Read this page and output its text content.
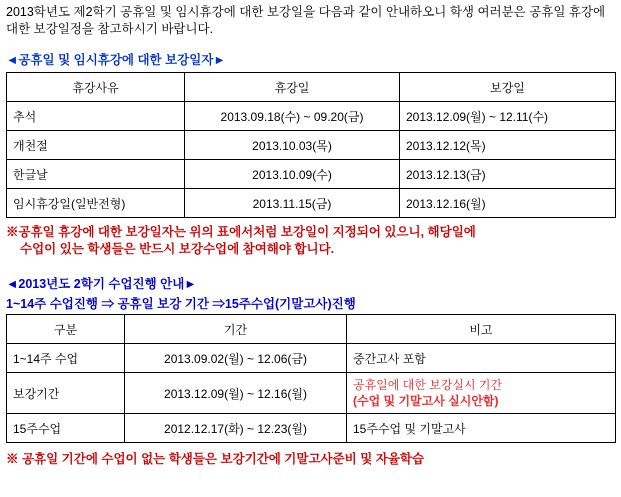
2013학년도 제2학기 공휴일 및 임시휴강에 대한 보강일을 다음과 같이 안내하오니 학생 여러분은 공휴일 휴강에 대한 보강일정을 참고하시기 바랍니다.

◄공휴일 및 임시휴강에 대한 보강일자►

휴강사유	휴강일	보강일
추석	2013.09.18(수) ~ 09.20(금)	2013.12.09(월) ~ 12.11(수)
개천절	2013.10.03(목)	2013.12.12(목)
한글날	2013.10.09(수)	2013.12.13(금)
임시휴강일(일반전형)	2013.11.15(금)	2013.12.16(월)

※공휴일 휴강에 대한 보강일자는 위의 표에서처럼 보강일이 지정되어 있으니, 해당일에
수업이 있는 학생들은 반드시 보강수업에 참여해야 합니다.

◄2013년도 2학기 수업진행 안내►

1~14주 수업진행 ⇒ 공휴일 보강 기간 ⇒15주수업(기말고사)진행

구분	기간	비고
1~14주 수업	2013.09.02(월) ~ 12.06(금)	중간고사 포함
보강기간	2013.12.09(월) ~ 12.16(월)	공휴일에 대한 보강실시 기간
(수업 및 기말고사 실시안함)

15주수업	2012.12.17(화) ~ 12.23(월)	15주수업 및 기말고사

※ 공휴일 기간에 수업이 없는 학생들은 보강기간에 기말고사준비 및 자율학습
